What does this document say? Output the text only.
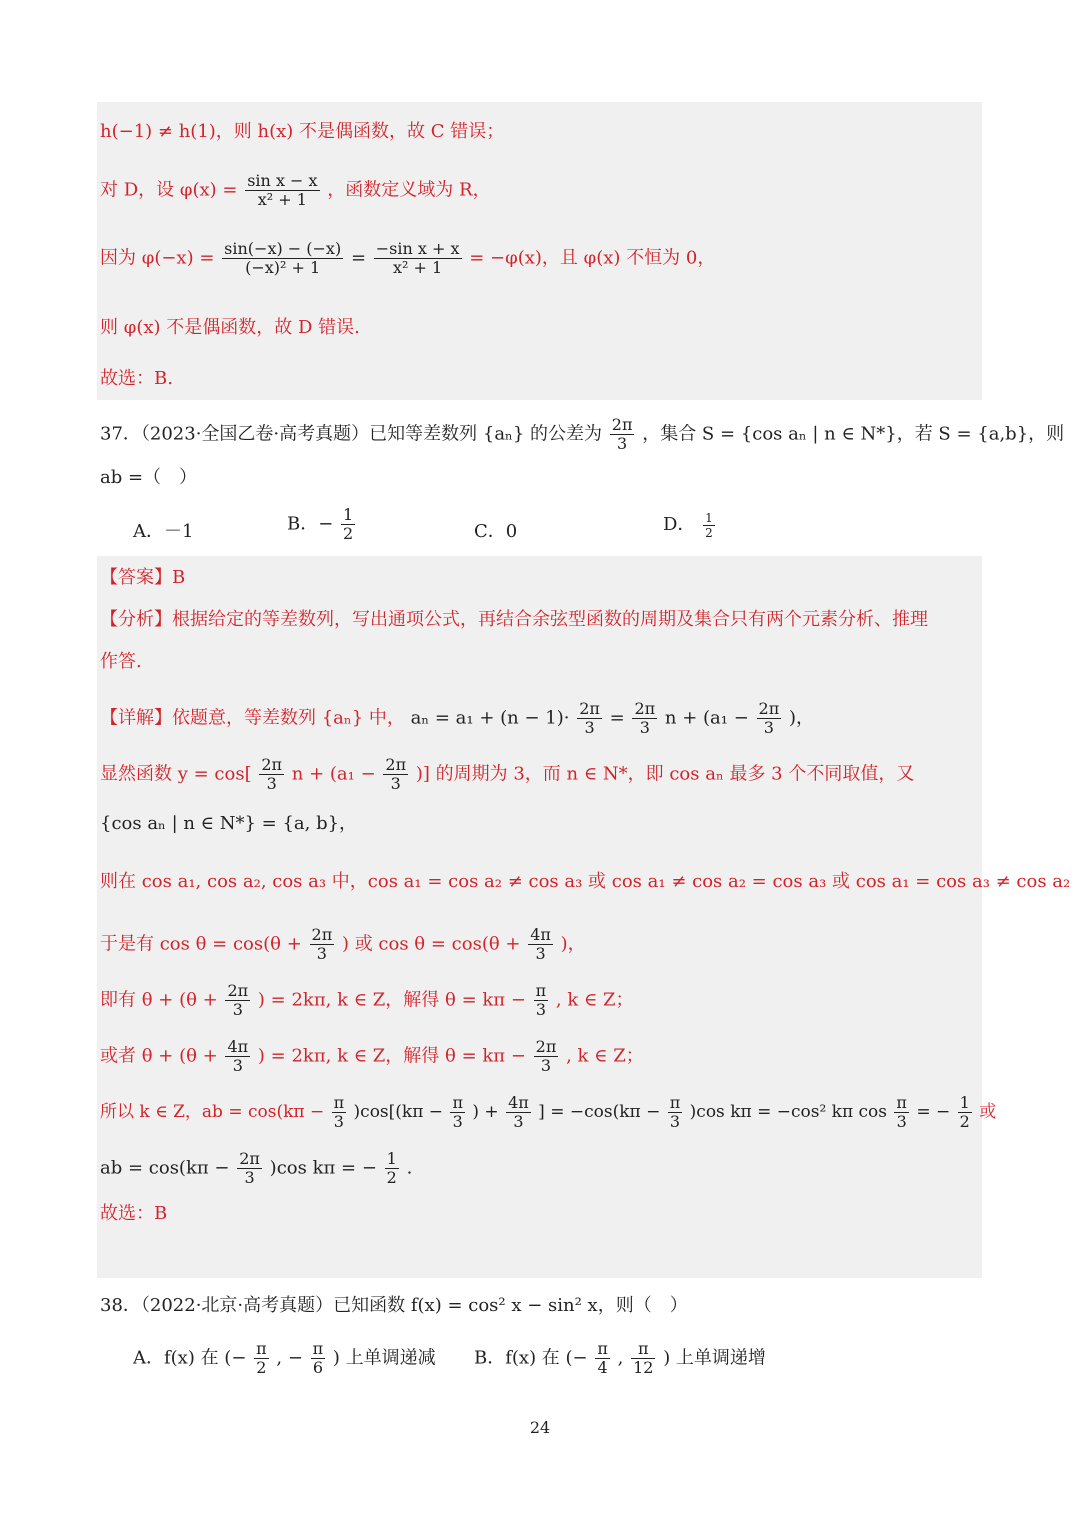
h(−1) ≠ h(1)，则 h(x) 不是偶函数，故 C 错误；
对 D，设 $\varphi(x) = \frac{\text{sin x − x}}{\text{x² + 1}}$ ，函数定义域为 R，
因为 $\varphi(-x) = \frac{\sin(-x) - (-x)}{\text{(−x)² + 1}} = \frac{\text{−sin x + x}}{\text{x² + 1}} = -\varphi(x)$，且 φ(x) 不恒为 0，
则 φ(x) 不是偶函数，故 D 错误.
故选：B.
37．（2023·全国乙卷·高考真题）已知等差数列 {aₙ} 的公差为 $\frac{2\pi}{3}$ ，集合 S = {cos aₙ | n ∈ N*}，若 S = {a,b}，则
ab =（　）
A．－1	B．− $\frac{1}{2}$	C．0	D． $\frac{1}{2}$
【答案】B
【分析】根据给定的等差数列，写出通项公式，再结合余弦型函数的周期及集合只有两个元素分析、推理
作答.
【详解】依题意，等差数列 {aₙ} 中， $a_n = a_1 + (n - 1)\cdot \frac{2\pi}{3} = \frac{2\pi}{3}$ $n + (a_1 - \frac{2\pi}{3}$ )，
显然函数 $y = \cos[ \frac{2\pi}{3}$ $n + (a_1 - \frac{2\pi}{3}$ )] 的周期为 3，而 n ∈ N*，即 cos aₙ 最多 3 个不同取值，又
{cos aₙ | n ∈ N*} = {a, b}，
则在 cos a₁, cos a₂, cos a₃ 中，cos a₁ = cos a₂ ≠ cos a₃ 或 cos a₁ ≠ cos a₂ = cos a₃ 或 cos a₁ = cos a₃ ≠ cos a₂
于是有 $\cos \theta = \cos(\theta + \frac{2\pi}{3}$ ) 或 $\cos \theta = \cos(\theta + \frac{4\pi}{3}$ )，
即有 $\theta + (\theta + \frac{2\pi}{3}$ ) = 2kπ, k ∈ Z，解得 $\theta = k\pi - \frac{\pi}{3}$ , k ∈ Z；
或者 $\theta + (\theta + \frac{4\pi}{3}$ ) = 2kπ, k ∈ Z，解得 $\theta = k\pi - \frac{2\pi}{3}$ , k ∈ Z；
所以 k ∈ Z，ab = $\cos(k\pi - \frac{\pi}{3} )\cos[(k\pi - \frac{\pi}{3}$ ) + $\frac{4\pi}{3}$ ] = $-\cos(k\pi - \frac{\pi}{3} )\cos$ kπ = −cos² kπ $\cos \frac{\pi}{3}$ = − $\frac{1}{2}$ 或
ab = $\cos(k\pi - \frac{2\pi}{3} )\cos$ kπ = − $\frac{1}{2}$ .
故选：B
38．（2022·北京·高考真题）已知函数 f(x) = cos² x − sin² x，则（　）
A．f(x) 在 (− $\frac{\pi}{2}$ , − $\frac{\pi}{6}$ ) 上单调递减 B．f(x) 在 (− $\frac{\pi}{4}$ , $\frac{\pi}{12}$ ) 上单调递增
24
